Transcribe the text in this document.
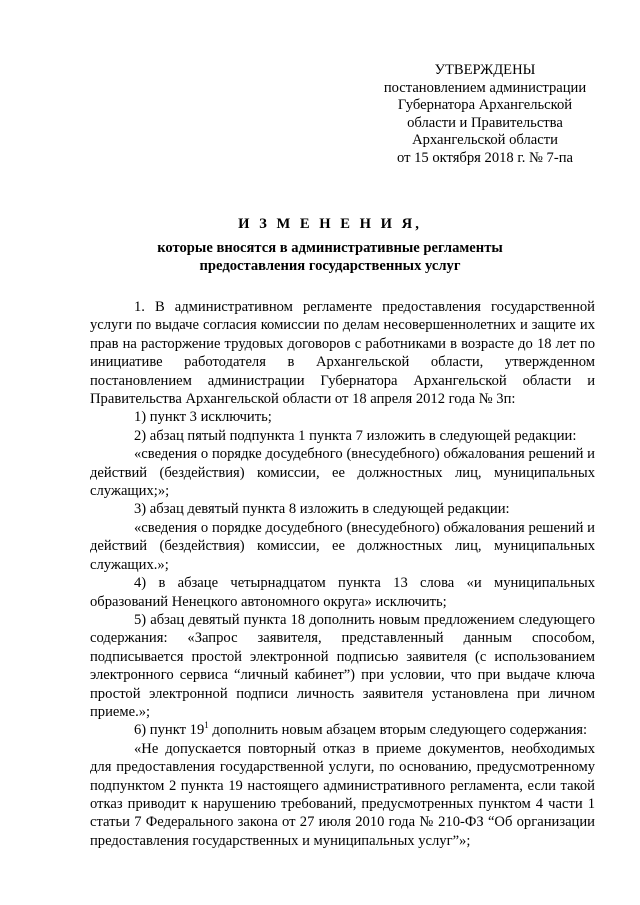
УТВЕРЖДЕНЫ
постановлением администрации
Губернатора Архангельской
области и Правительства
Архангельской области
от 15 октября 2018 г. № 7-па
И З М Е Н Е Н И Я,
которые вносятся в административные регламенты
предоставления государственных услуг

1. В административном регламенте предоставления государственной услуги по выдаче согласия комиссии по делам несовершеннолетних и защите их прав на расторжение трудовых договоров с работниками в возрасте до 18 лет по инициативе работодателя в Архангельской области, утвержденном постановлением администрации Губернатора Архангельской области и Правительства Архангельской области от 18 апреля 2012 года № 3п:

1) пункт 3 исключить;

2) абзац пятый подпункта 1 пункта 7 изложить в следующей редакции:

«сведения о порядке досудебного (внесудебного) обжалования решений и действий (бездействия) комиссии, ее должностных лиц, муниципальных служащих;»;

3) абзац девятый пункта 8 изложить в следующей редакции:

«сведения о порядке досудебного (внесудебного) обжалования решений и действий (бездействия) комиссии, ее должностных лиц, муниципальных служащих.»;

4) в абзаце четырнадцатом пункта 13 слова «и муниципальных образований Ненецкого автономного округа» исключить;

5) абзац девятый пункта 18 дополнить новым предложением следующего содержания: «Запрос заявителя, представленный данным способом, подписывается простой электронной подписью заявителя (с использованием электронного сервиса “личный кабинет”) при условии, что при выдаче ключа простой электронной подписи личность заявителя установлена при личном приеме.»;

6) пункт $19^1$ дополнить новым абзацем вторым следующего содержания:

«Не допускается повторный отказ в приеме документов, необходимых для предоставления государственной услуги, по основанию, предусмотренному подпунктом 2 пункта 19 настоящего административного регламента, если такой отказ приводит к нарушению требований, предусмотренных пунктом 4 части 1 статьи 7 Федерального закона от 27 июля 2010 года № 210-ФЗ “Об организации предоставления государственных и муниципальных услуг”»;
